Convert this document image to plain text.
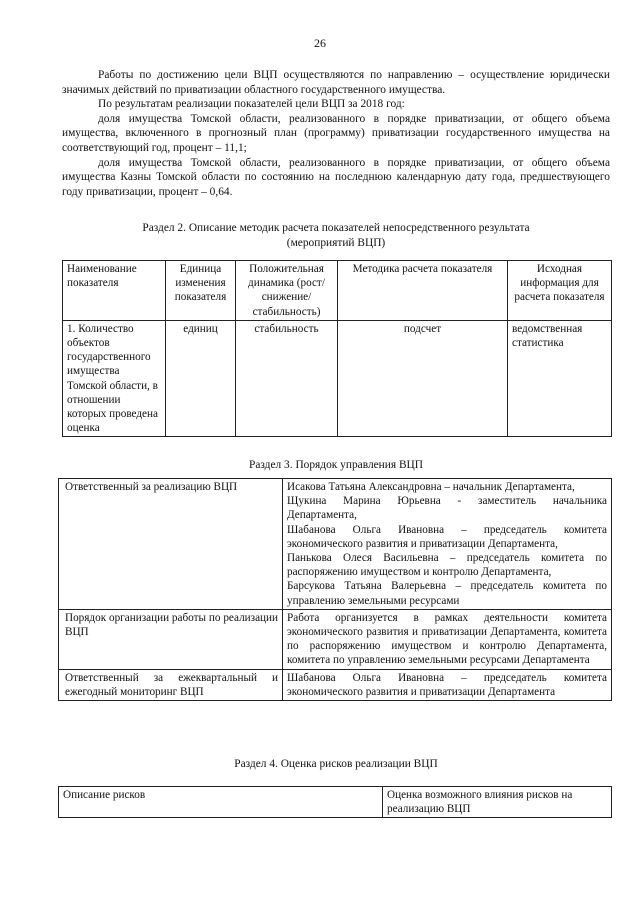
26

Работы по достижению цели ВЦП осуществляются по направлению – осуществление юридически значимых действий по приватизации областного государственного имущества.

По результатам реализации показателей цели ВЦП за 2018 год:

доля имущества Томской области, реализованного в порядке приватизации, от общего объема имущества, включенного в прогнозный план (программу) приватизации государственного имущества на соответствующий год, процент – 11,1;

доля имущества Томской области, реализованного в порядке приватизации, от общего объема имущества Казны Томской области по состоянию на последнюю календарную дату года, предшествующего году приватизации, процент – 0,64.

Раздел 2. Описание методик расчета показателей непосредственного результата
(мероприятий ВЦП)
Наименование показателя	Единица изменения показателя	Положительная динамика (рост/снижение/ стабильность)	Методика расчета показателя	Исходная информация для расчета показателя
1. Количество объектов государственного имущества Томской области, в отношении которых проведена оценка	единиц	стабильность	подсчет	ведомственная статистика
Раздел 3. Порядок управления ВЦП
Ответственный за реализацию ВЦП	Исакова Татьяна Александровна – начальник Департамента,
Щукина Марина Юрьевна - заместитель начальника Департамента,
Шабанова Ольга Ивановна – председатель комитета экономического развития и приватизации Департамента,
Панькова Олеся Васильевна – председатель комитета по распоряжению имуществом и контролю Департамента,
Барсукова Татьяна Валерьевна – председатель комитета по управлению земельными ресурсами

Порядок организации работы по реализации ВЦП	Работа организуется в рамках деятельности комитета экономического развития и приватизации Департамента, комитета по распоряжению имуществом и контролю Департамента, комитета по управлению земельными ресурсами Департамента
Ответственный за ежеквартальный и ежегодный мониторинг ВЦП	Шабанова Ольга Ивановна – председатель комитета экономического развития и приватизации Департамента
Раздел 4. Оценка рисков реализации ВЦП
Описание рисков	Оценка возможного влияния рисков на реализацию ВЦП
